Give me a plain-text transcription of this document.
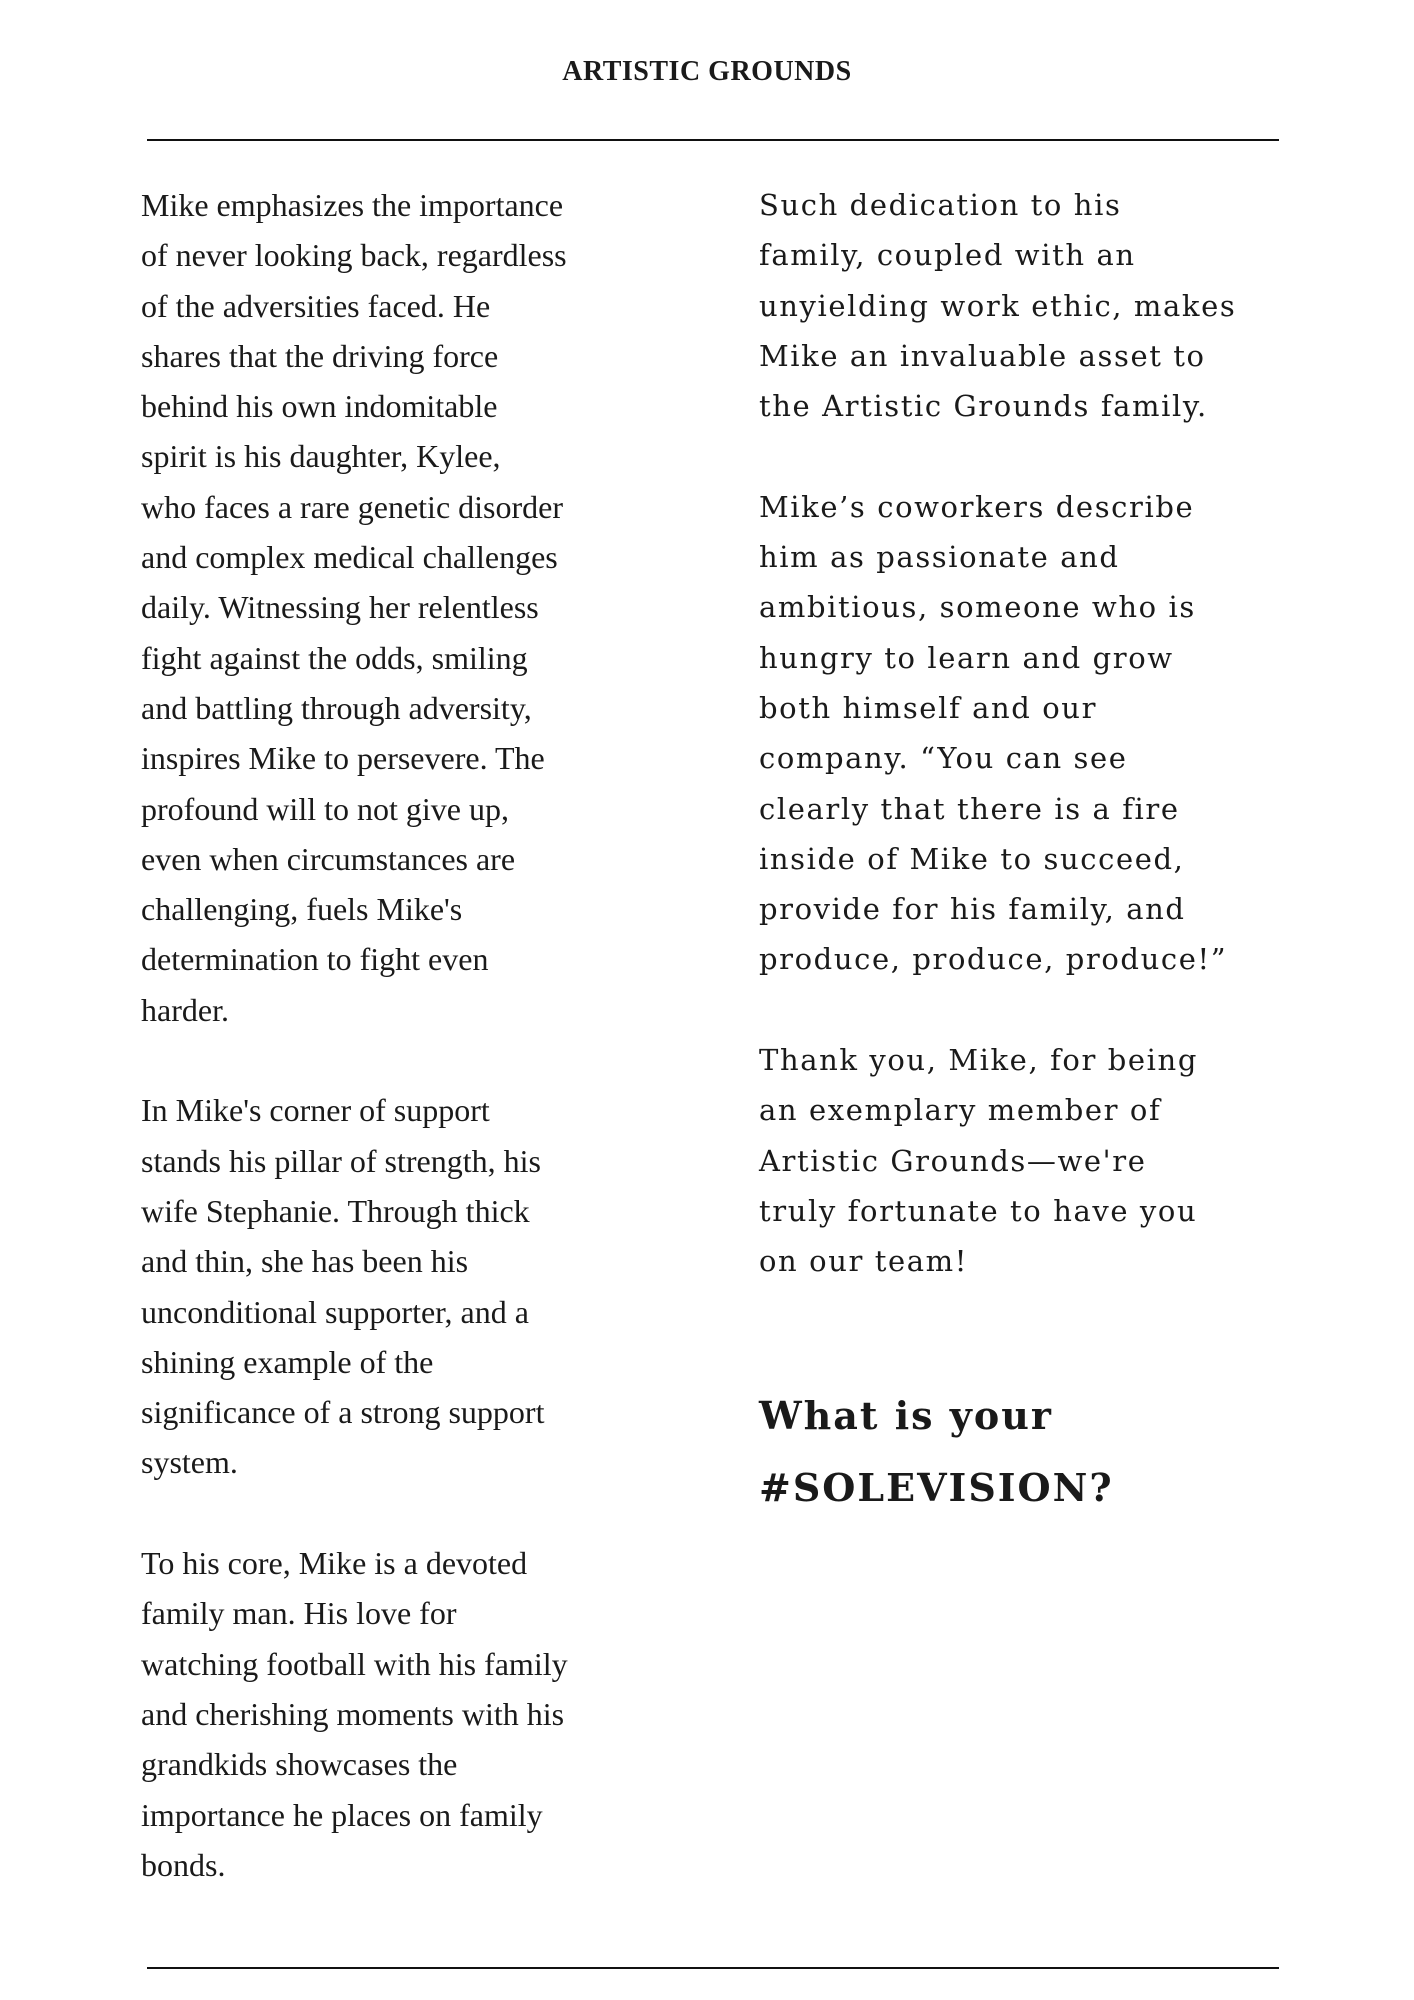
ARTISTIC GROUNDS
Mike emphasizes the importance
of never looking back, regardless
of the adversities faced. He
shares that the driving force
behind his own indomitable
spirit is his daughter, Kylee,
who faces a rare genetic disorder
and complex medical challenges
daily. Witnessing her relentless
fight against the odds, smiling
and battling through adversity,
inspires Mike to persevere. The
profound will to not give up,
even when circumstances are
challenging, fuels Mike's
determination to fight even
harder.
In Mike's corner of support
stands his pillar of strength, his
wife Stephanie. Through thick
and thin, she has been his
unconditional supporter, and a
shining example of the
significance of a strong support
system.
To his core, Mike is a devoted
family man. His love for
watching football with his family
and cherishing moments with his
grandkids showcases the
importance he places on family
bonds.
Such dedication to his
family, coupled with an
unyielding work ethic, makes
Mike an invaluable asset to
the Artistic Grounds family.
Mike’s coworkers describe
him as passionate and
ambitious, someone who is
hungry to learn and grow
both himself and our
company. “You can see
clearly that there is a fire
inside of Mike to succeed,
provide for his family, and
produce, produce, produce!”
Thank you, Mike, for being
an exemplary member of
Artistic Grounds—we're
truly fortunate to have you
on our team!
What is your
#SOLEVISION?
